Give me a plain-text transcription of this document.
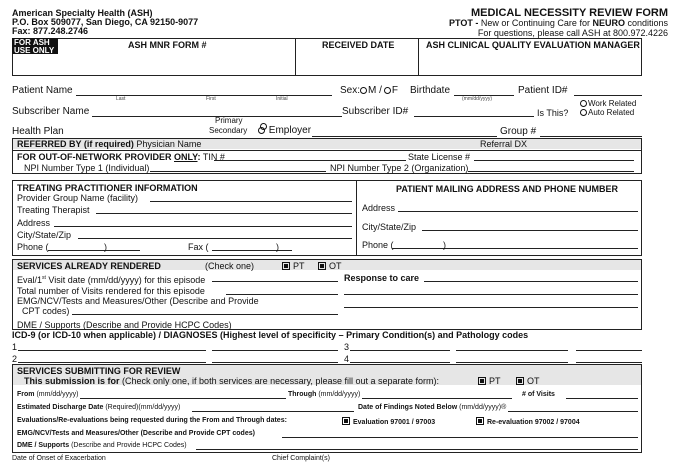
American Specialty Health (ASH)
P.O. Box 509077, San Diego, CA 92150-9077
Fax: 877.248.2746
MEDICAL NECESSITY REVIEW FORM
PTOT - New or Continuing Care for NEURO conditions
For questions, please call ASH at 800.972.4226
FOR ASH
USE ONLY
ASH MNR FORM #	RECEIVED DATE	ASH CLINICAL QUALITY EVALUATION MANAGER
Patient Name
Last	First	Initial
Sex: M / F Birthdate
(mm/dd/yyyy)
Patient ID#
Work Related
Auto Related
Is This?
Subscriber Name
Primary
Secondary	Employer
Subscriber ID#
Health Plan	Group #
REFERRED BY (if required) Physician Name	Referral DX
FOR OUT-OF-NETWORK PROVIDER ONLY: TIN #	State License #
NPI Number Type 1 (Individual)	NPI Number Type 2 (Organization)
TREATING PRACTITIONER INFORMATION
Provider Group Name (facility)
Treating Therapist
Address
City/State/Zip
Phone (	)	Fax (	)
PATIENT MAILING ADDRESS AND PHONE NUMBER
Address
City/State/Zip
Phone (	)
SERVICES ALREADY RENDERED	(Check one)	PT	OT
Eval/1st Visit date (mm/dd/yyyy) for this episode	Response to care
Total number of Visits rendered for this episode
EMG/NCV/Tests and Measures/Other (Describe and Provide
CPT codes)
DME / Supports (Describe and Provide HCPC Codes)
ICD-9 (or ICD-10 when applicable) / DIAGNOSES (Highest level of specificity – Primary Condition(s) and Pathology codes
1	3
2	4
SERVICES SUBMITTING FOR REVIEW
This submission is for (Check only one, if both services are necessary, please fill out a separate form):	PT	OT
From (mm/dd/yyyy)	Through (mm/dd/yyyy)	# of Visits
Estimated Discharge Date (Required)(mm/dd/yyyy)	Date of Findings Noted Below (mm/dd/yyyy)®
Evaluations/Re-evaluations being requested during the From and Through dates:	Evaluation 97001 / 97003	Re-evaluation 97002 / 97004
EMG/NCV/Tests and Measures/Other (Describe and Provide CPT codes)
DME / Supports (Describe and Provide HCPC Codes)
Date of Onset of Exacerbation	Chief Complaint(s)
